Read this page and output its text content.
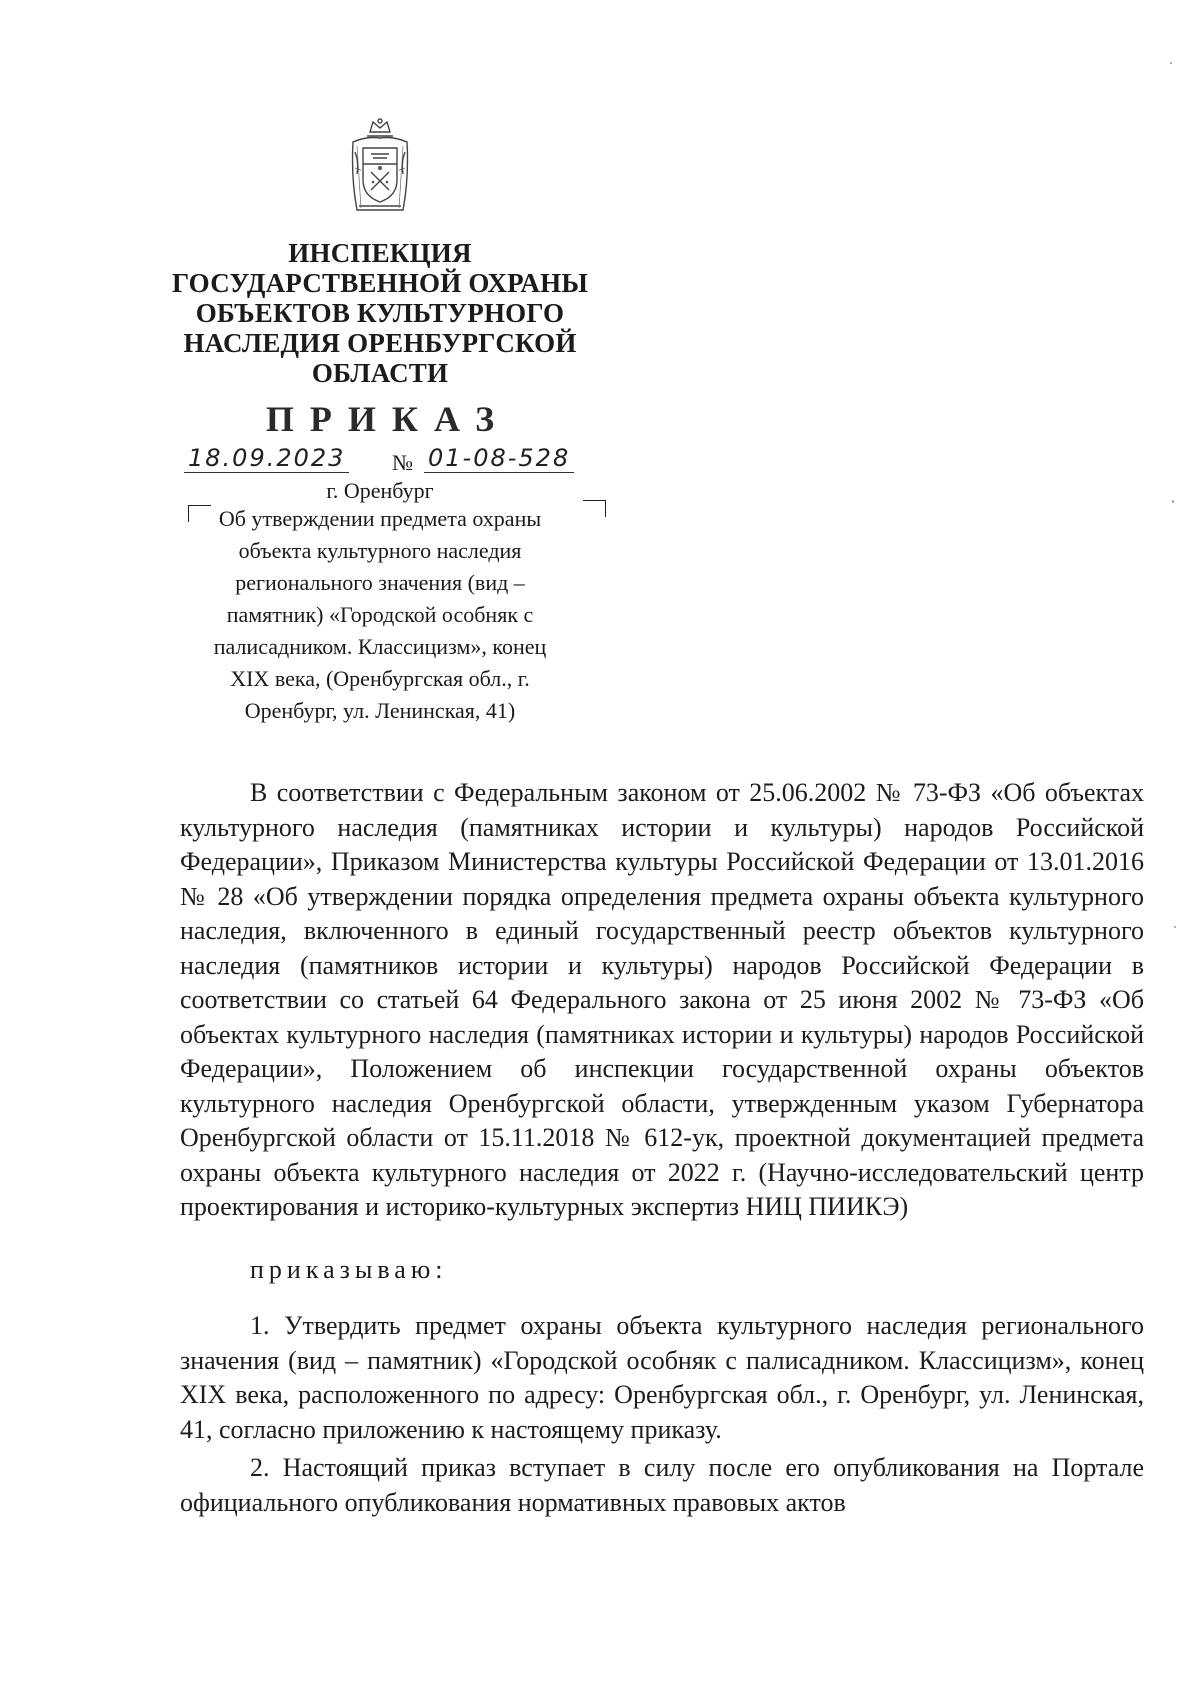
ИНСПЕКЦИЯ
ГОСУДАРСТВЕННОЙ ОХРАНЫ
ОБЪЕКТОВ КУЛЬТУРНОГО
НАСЛЕДИЯ ОРЕНБУРГСКОЙ
ОБЛАСТИ
ПРИКАЗ
18.09.2023 № 01-08-528
г. Оренбург
Об утверждении предмета охраны
объекта культурного наследия
регионального значения (вид –
памятник) «Городской особняк с
палисадником. Классицизм», конец
XIX века, (Оренбургская обл., г.
Оренбург, ул. Ленинская, 41)

В соответствии с Федеральным законом от 25.06.2002 № 73-ФЗ «Об объектах культурного наследия (памятниках истории и культуры) народов Российской Федерации», Приказом Министерства культуры Российской Федерации от 13.01.2016 № 28 «Об утверждении порядка определения предмета охраны объекта культурного наследия, включенного в единый государственный реестр объектов культурного наследия (памятников истории и культуры) народов Российской Федерации в соответствии со статьей 64 Федерального закона от 25 июня 2002 № 73-ФЗ «Об объектах культурного наследия (памятниках истории и культуры) народов Российской Федерации», Положением об инспекции государственной охраны объектов культурного наследия Оренбургской области, утвержденным указом Губернатора Оренбургской области от 15.11.2018 № 612-ук, проектной документацией предмета охраны объекта культурного наследия от 2022 г. (Научно-исследовательский центр проектирования и историко-культурных экспертиз НИЦ ПИИКЭ)

приказываю:

1. Утвердить предмет охраны объекта культурного наследия регионального значения (вид – памятник) «Городской особняк с палисадником. Классицизм», конец XIX века, расположенного по адресу: Оренбургская обл., г. Оренбург, ул. Ленинская, 41, согласно приложению к настоящему приказу.

2. Настоящий приказ вступает в силу после его опубликования на Портале официального опубликования нормативных правовых актов
